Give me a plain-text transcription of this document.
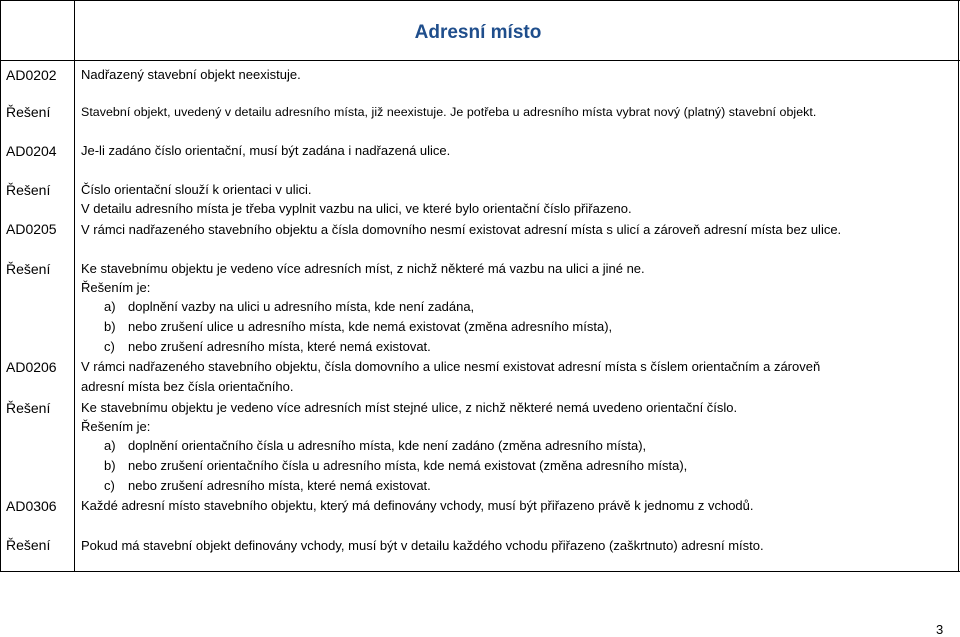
Adresní místo
AD0202
Řešení
AD0204
Řešení
AD0205
Řešení
AD0206
Řešení
AD0306
Řešení
Nadřazený stavební objekt neexistuje.
Stavební objekt, uvedený v detailu adresního místa, již neexistuje. Je potřeba u adresního místa vybrat nový (platný) stavební objekt.
Je-li zadáno číslo orientační, musí být zadána i nadřazená ulice.
Číslo orientační slouží k orientaci v ulici.
V detailu adresního místa je třeba vyplnit vazbu na ulici, ve které bylo orientační číslo přiřazeno.
V rámci nadřazeného stavebního objektu a čísla domovního nesmí existovat adresní místa s ulicí a zároveň adresní místa bez ulice.
Ke stavebnímu objektu je vedeno více adresních míst, z nichž některé má vazbu na ulici a jiné ne.
Řešením je:
a) doplnění vazby na ulici u adresního místa, kde není zadána,
b) nebo zrušení ulice u adresního místa, kde nemá existovat (změna adresního místa),
c) nebo zrušení adresního místa, které nemá existovat.
V rámci nadřazeného stavebního objektu, čísla domovního a ulice nesmí existovat adresní místa s číslem orientačním a zároveň
adresní místa bez čísla orientačního.
Ke stavebnímu objektu je vedeno více adresních míst stejné ulice, z nichž některé nemá uvedeno orientační číslo.
Řešením je:
a) doplnění orientačního čísla u adresního místa, kde není zadáno (změna adresního místa),
b) nebo zrušení orientačního čísla u adresního místa, kde nemá existovat (změna adresního místa),
c) nebo zrušení adresního místa, které nemá existovat.
Každé adresní místo stavebního objektu, který má definovány vchody, musí být přiřazeno právě k jednomu z vchodů.
Pokud má stavební objekt definovány vchody, musí být v detailu každého vchodu přiřazeno (zaškrtnuto) adresní místo.
3
